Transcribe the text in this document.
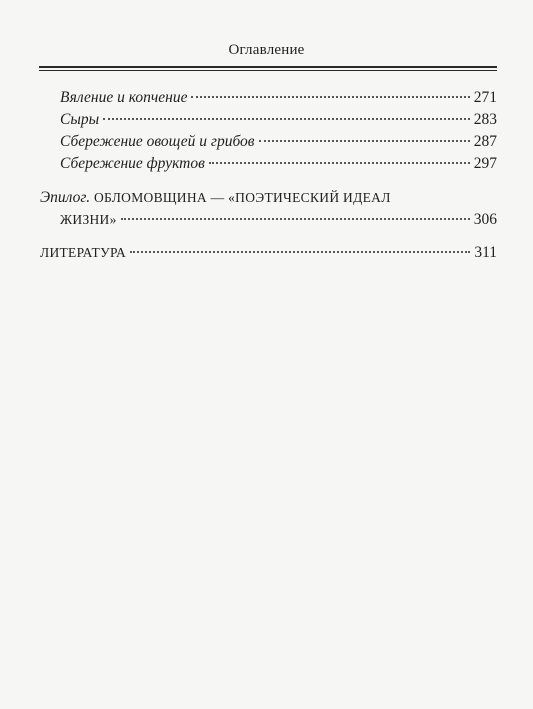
Оглавление
Вяление и копчение	271
Сыры	283
Сбережение овощей и грибов	287
Сбережение фруктов	297
Эпилог. ОБЛОМОВЩИНА — «ПОЭТИЧЕСКИЙ ИДЕАЛ
ЖИЗНИ»	306
ЛИТЕРАТУРА	311
